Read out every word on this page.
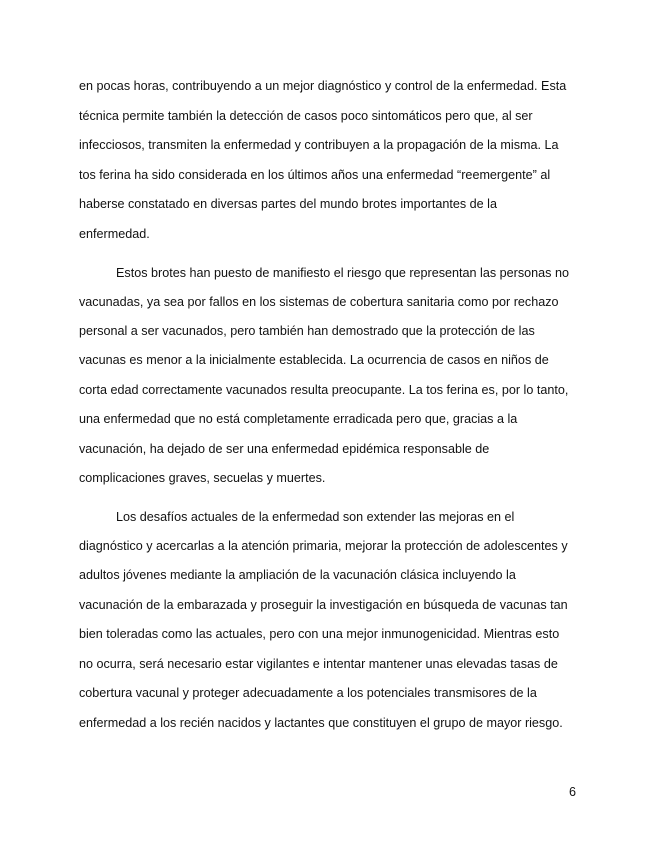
en pocas horas, contribuyendo a un mejor diagnóstico y control de la enfermedad. Esta
técnica permite también la detección de casos poco sintomáticos pero que, al ser
infecciosos, transmiten la enfermedad y contribuyen a la propagación de la misma. La
tos ferina ha sido considerada en los últimos años una enfermedad “reemergente” al
haberse constatado en diversas partes del mundo brotes importantes de la
enfermedad.
Estos brotes han puesto de manifiesto el riesgo que representan las personas no
vacunadas, ya sea por fallos en los sistemas de cobertura sanitaria como por rechazo
personal a ser vacunados, pero también han demostrado que la protección de las
vacunas es menor a la inicialmente establecida. La ocurrencia de casos en niños de
corta edad correctamente vacunados resulta preocupante. La tos ferina es, por lo tanto,
una enfermedad que no está completamente erradicada pero que, gracias a la
vacunación, ha dejado de ser una enfermedad epidémica responsable de
complicaciones graves, secuelas y muertes.
Los desafíos actuales de la enfermedad son extender las mejoras en el
diagnóstico y acercarlas a la atención primaria, mejorar la protección de adolescentes y
adultos jóvenes mediante la ampliación de la vacunación clásica incluyendo la
vacunación de la embarazada y proseguir la investigación en búsqueda de vacunas tan
bien toleradas como las actuales, pero con una mejor inmunogenicidad. Mientras esto
no ocurra, será necesario estar vigilantes e intentar mantener unas elevadas tasas de
cobertura vacunal y proteger adecuadamente a los potenciales transmisores de la
enfermedad a los recién nacidos y lactantes que constituyen el grupo de mayor riesgo.
6
